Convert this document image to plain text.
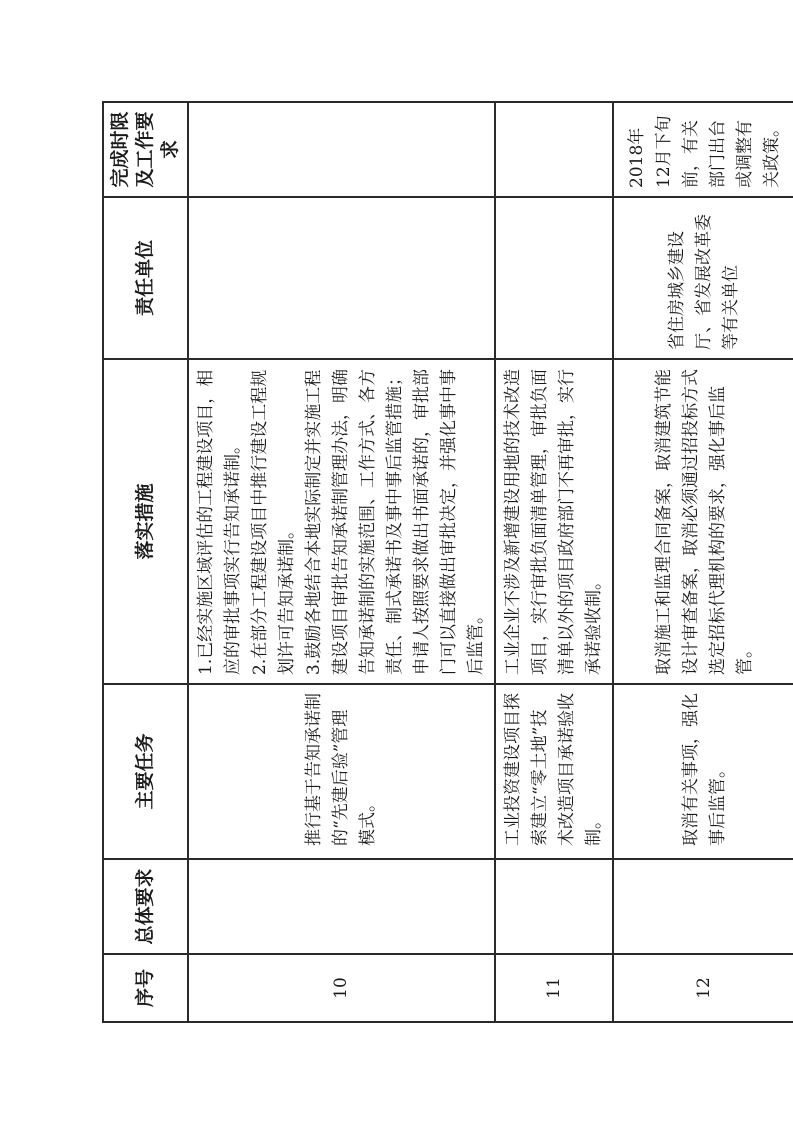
序号	总体要求	主要任务	落实措施	责任单位	完成时限及工作要求
10		推行基于告知承诺制的“先建后验”管理模式。	1.已经实施区域评估的工程建设项目，相应的审批事项实行告知承诺制。 2.在部分工程建设项目中推行建设工程规划许可告知承诺制。 3.鼓励各地结合本地实际制定并实施工程建设项目审批告知承诺制管理办法，明确告知承诺制的实施范围、工作方式、各方责任、制式承诺书及事中事后监管措施；申请人按照要求做出书面承诺的，审批部门可以直接做出审批决定，并强化事中事后监管。		

11		工业投资建设项目探索建立“零土地”技术改造项目承诺验收制。	工业企业不涉及新增建设用地的技术改造项目，实行审批负面清单管理，审批负面清单以外的项目政府部门不再审批，实行承诺验收制。		

12		取消有关事项，强化事后监管。	取消施工和监理合同备案，取消建筑节能设计审查备案，取消必须通过招投标方式选定招标代理机构的要求，强化事后监管。	省住房城乡建设厅、省发展改革委等有关单位	2018年12月下旬前，有关部门出台或调整有关政策。
